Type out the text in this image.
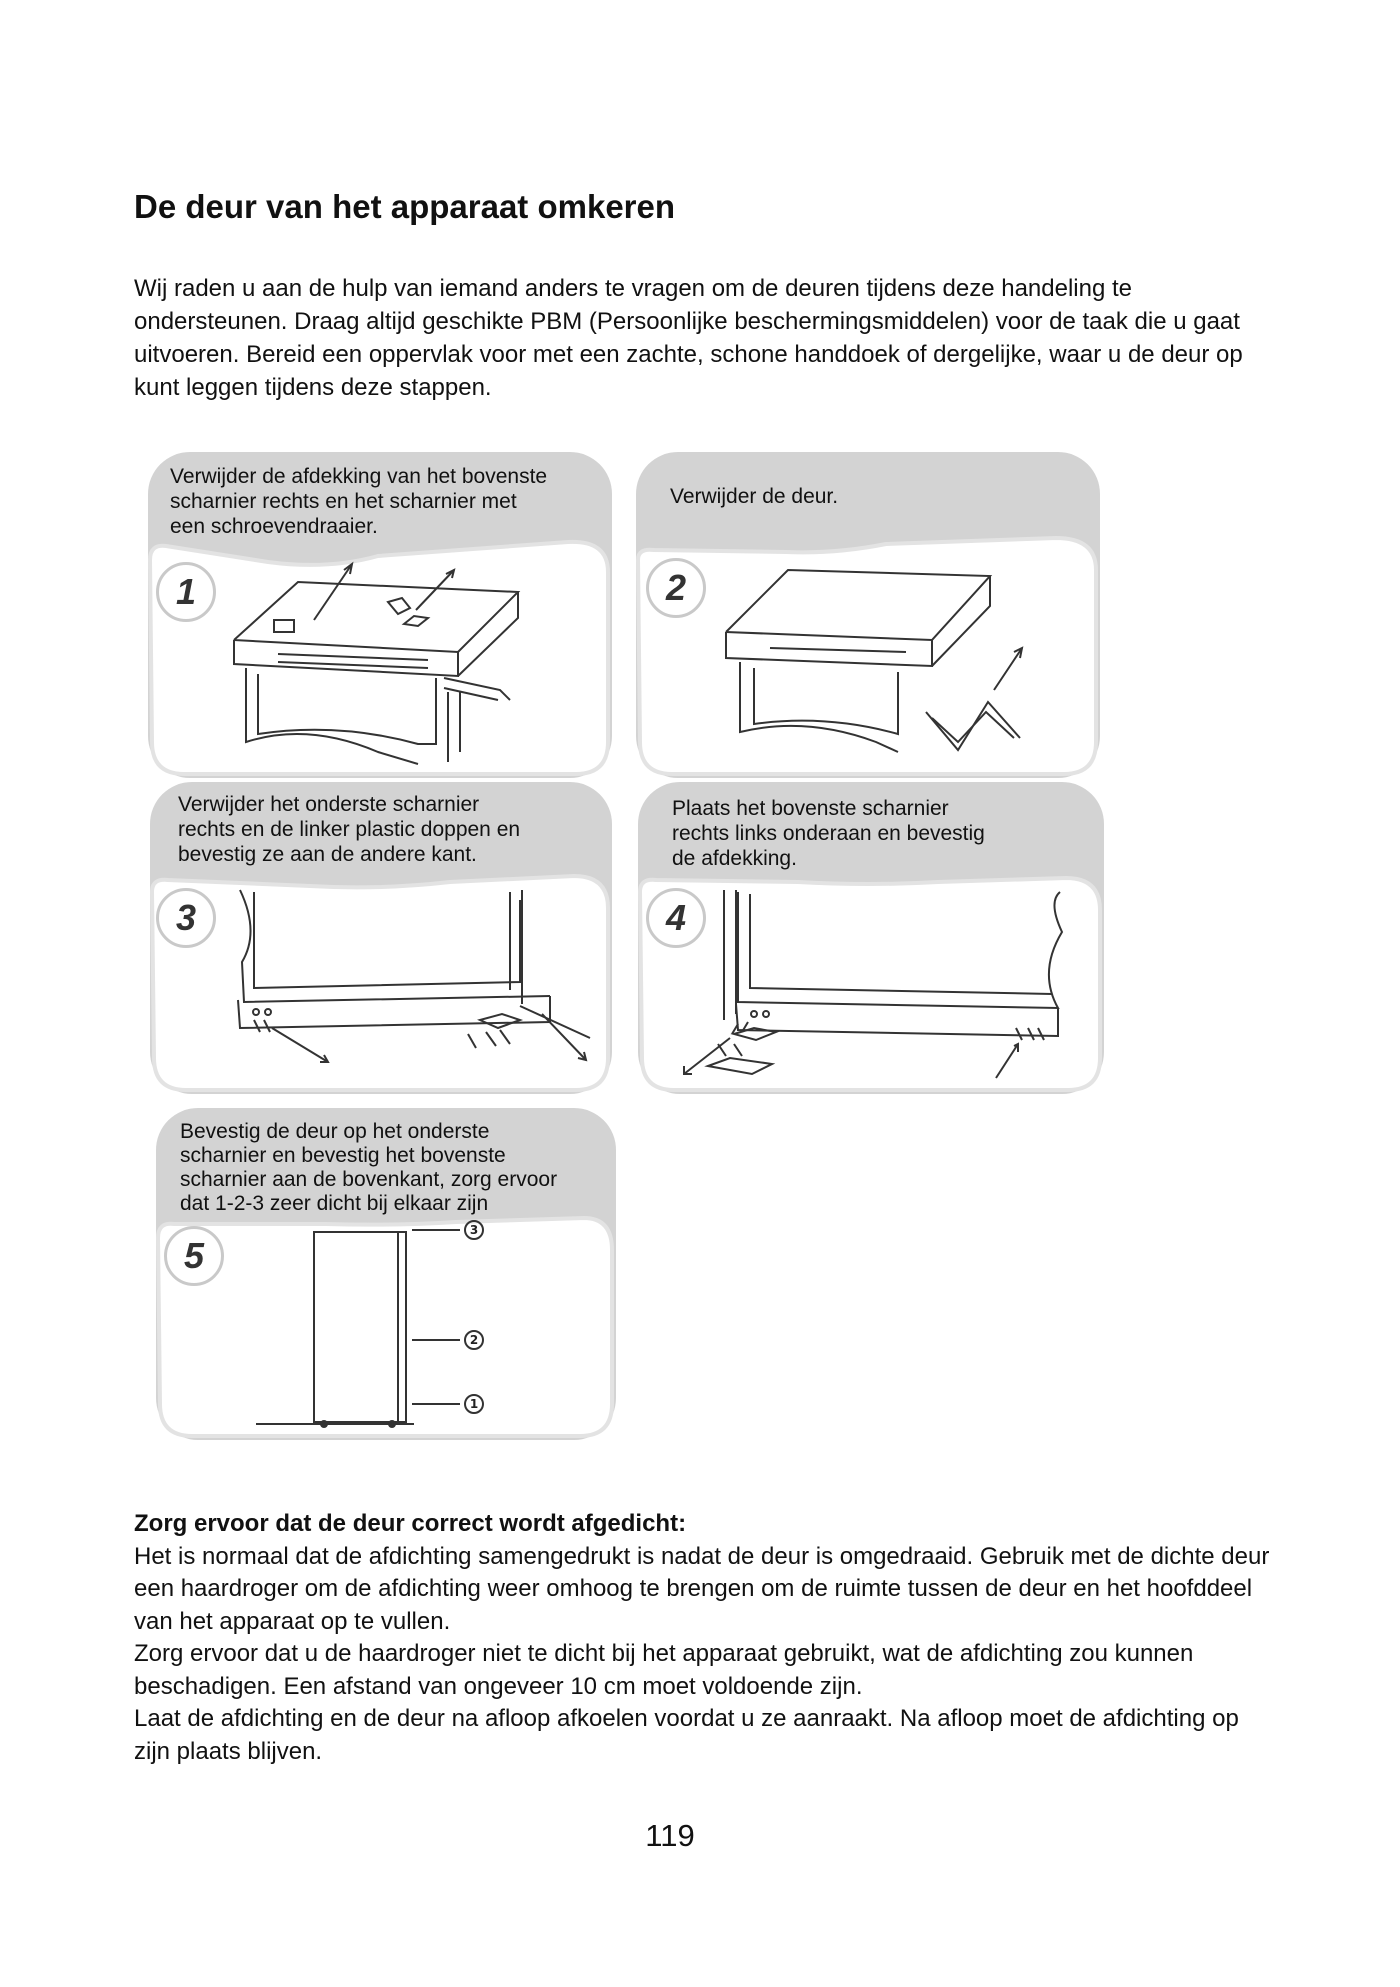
De deur van het apparaat omkeren

Wij raden u aan de hulp van iemand anders te vragen om de deuren tijdens deze handeling te ondersteunen. Draag altijd geschikte PBM (Persoonlijke beschermingsmiddelen) voor de taak die u gaat uitvoeren. Bereid een oppervlak voor met een zachte, schone handdoek of dergelijke, waar u de deur op kunt leggen tijdens deze stappen.

Verwijder de afdekking van het bovenste
scharnier rechts en het scharnier met
een schroevendraaier.
1
Verwijder de deur.
2
Verwijder het onderste scharnier
rechts en de linker plastic doppen en
bevestig ze aan de andere kant.
3
Plaats het bovenste scharnier
rechts links onderaan en bevestig
de afdekking.
4
3
2
1
Bevestig de deur op het onderste
scharnier en bevestig het bovenste
scharnier aan de bovenkant, zorg ervoor
dat 1-2-3 zeer dicht bij elkaar zijn
5
Zorg ervoor dat de deur correct wordt afgedicht:

Het is normaal dat de afdichting samengedrukt is nadat de deur is omgedraaid. Gebruik met de dichte deur een haardroger om de afdichting weer omhoog te brengen om de ruimte tussen de deur en het hoofddeel van het apparaat op te vullen.

Zorg ervoor dat u de haardroger niet te dicht bij het apparaat gebruikt, wat de afdichting zou kunnen beschadigen. Een afstand van ongeveer 10 cm moet voldoende zijn.

Laat de afdichting en de deur na afloop afkoelen voordat u ze aanraakt. Na afloop moet de afdichting op zijn plaats blijven.

119
